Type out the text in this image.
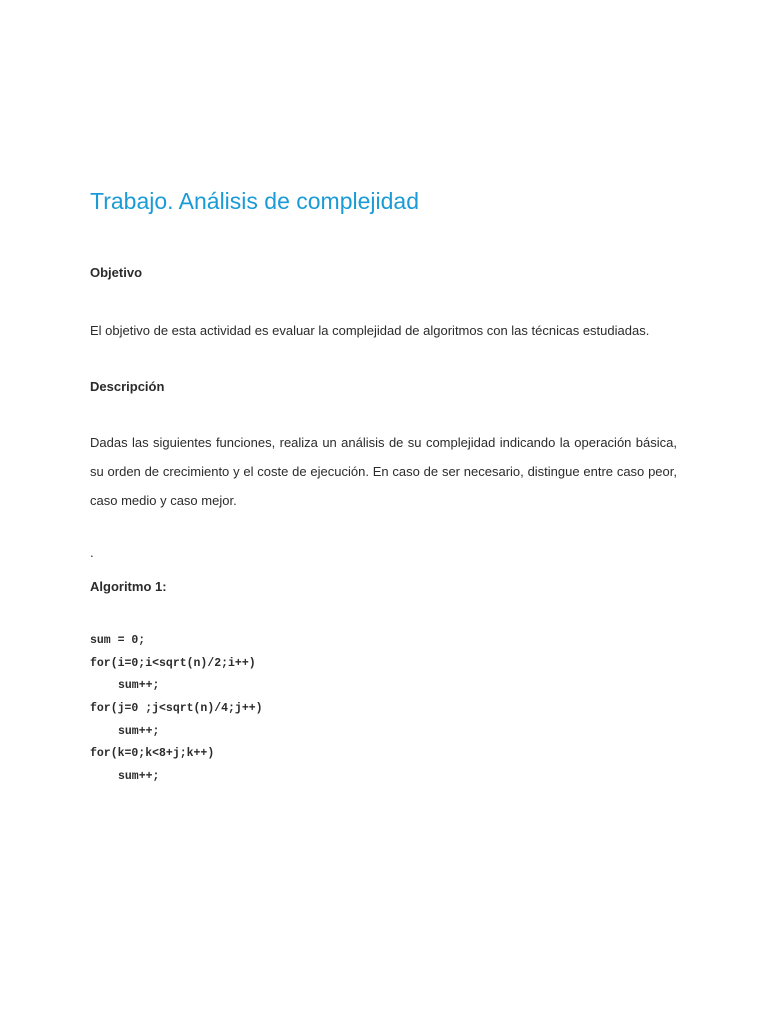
Trabajo. Análisis de complejidad
Objetivo

El objetivo de esta actividad es evaluar la complejidad de algoritmos con las técnicas estudiadas.

Descripción

Dadas las siguientes funciones, realiza un análisis de su complejidad indicando la operación básica, su orden de crecimiento y el coste de ejecución. En caso de ser necesario, distingue entre caso peor, caso medio y caso mejor.

.

Algoritmo 1:
sum = 0;
for(i=0;i<sqrt(n)/2;i++)
sum++;
for(j=0 ;j<sqrt(n)/4;j++)
sum++;
for(k=0;k<8+j;k++)
sum++;
